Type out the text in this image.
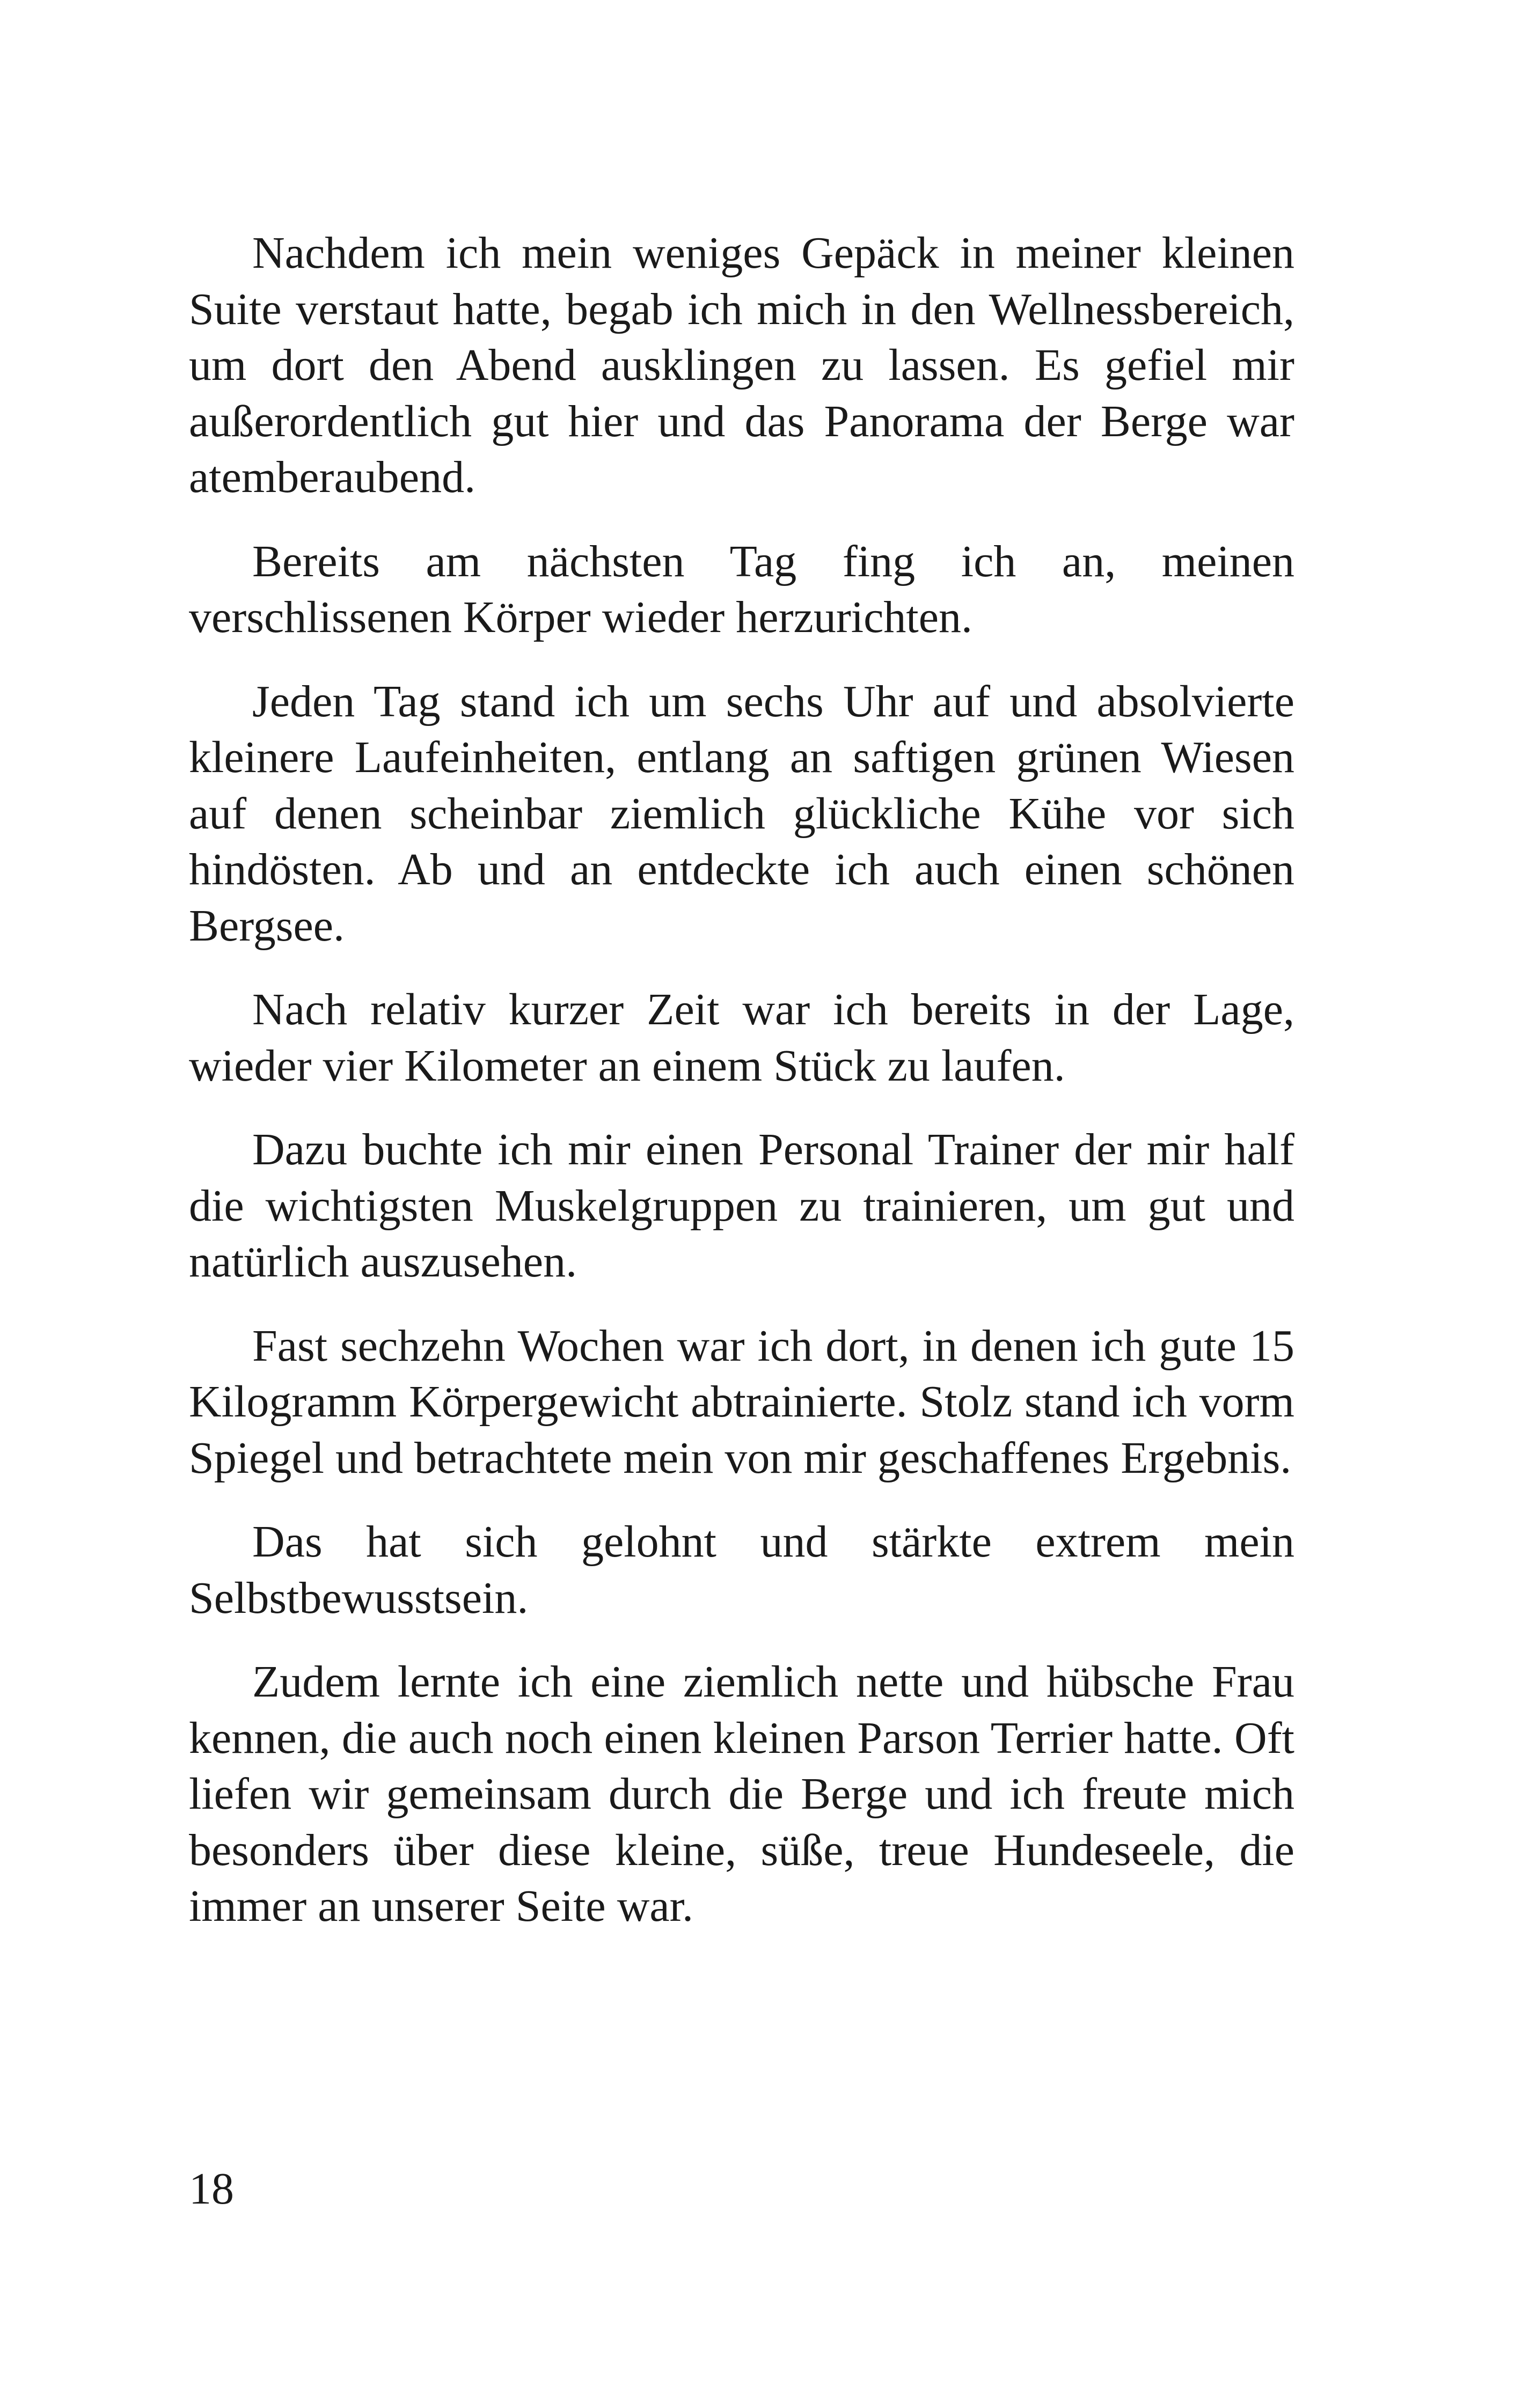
Nachdem ich mein weniges Gepäck in meiner kleinen Suite verstaut hatte, begab ich mich in den Wellnessbereich, um dort den Abend ausklingen zu lassen. Es gefiel mir außerordentlich gut hier und das Panorama der Berge war atemberaubend.

Bereits am nächsten Tag fing ich an, meinen verschlissenen Körper wieder herzurichten.

Jeden Tag stand ich um sechs Uhr auf und absolvierte kleinere Laufeinheiten, entlang an saftigen grünen Wiesen auf denen scheinbar ziemlich glückliche Kühe vor sich hindösten. Ab und an entdeckte ich auch einen schönen Bergsee.

Nach relativ kurzer Zeit war ich bereits in der Lage, wieder vier Kilometer an einem Stück zu laufen.

Dazu buchte ich mir einen Personal Trainer der mir half die wichtigsten Muskelgruppen zu trainieren, um gut und natürlich auszusehen.

Fast sechzehn Wochen war ich dort, in denen ich gute 15 Kilogramm Körpergewicht abtrainierte. Stolz stand ich vorm Spiegel und betrachtete mein von mir geschaffenes Ergebnis.

Das hat sich gelohnt und stärkte extrem mein Selbstbewusstsein.

Zudem lernte ich eine ziemlich nette und hübsche Frau kennen, die auch noch einen kleinen Parson Terrier hatte. Oft liefen wir gemeinsam durch die Berge und ich freute mich besonders über diese kleine, süße, treue Hundeseele, die immer an unserer Seite war.

18
